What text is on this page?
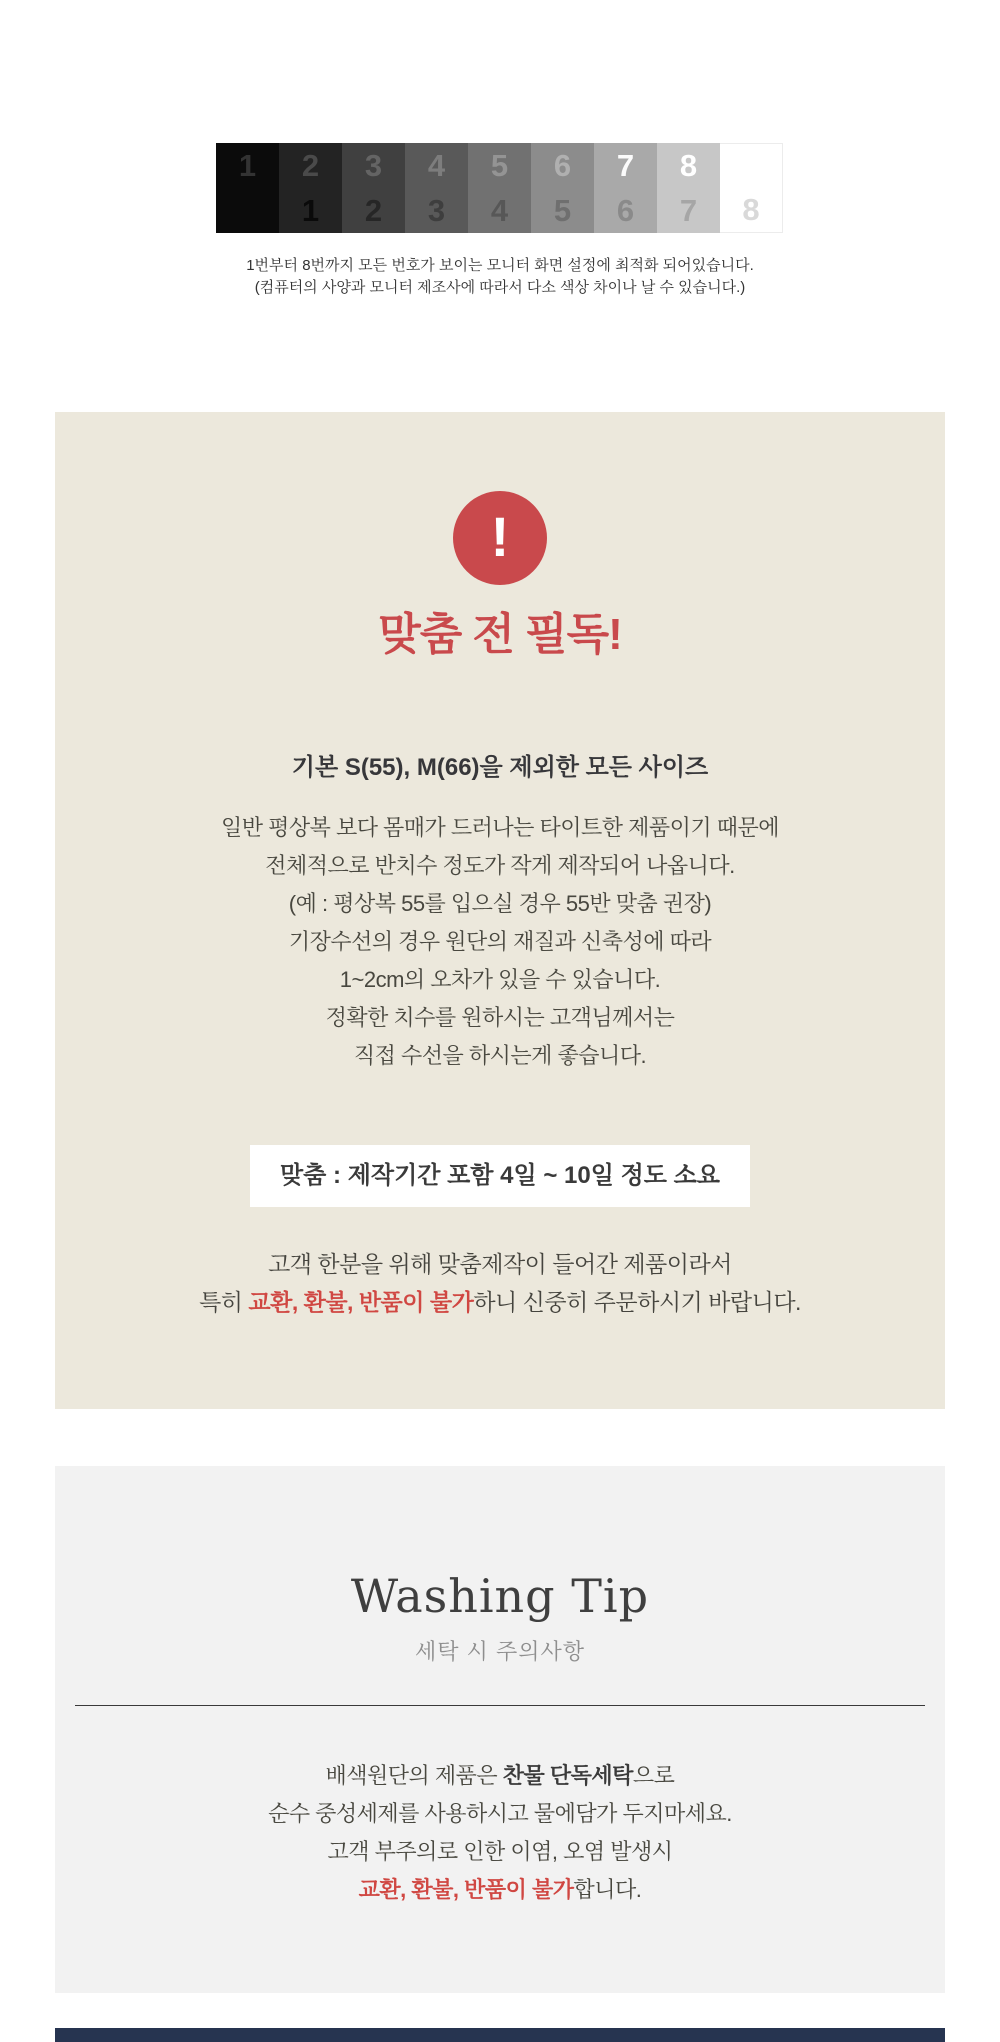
1	2
1
3
2
4
3
5
4
6
5
7
6
8
7	8
1번부터 8번까지 모든 번호가 보이는 모니터 화면 설정에 최적화 되어있습니다.
(컴퓨터의 사양과 모니터 제조사에 따라서 다소 색상 차이나 날 수 있습니다.)
!
맞춤 전 필독!
기본 S(55), M(66)을 제외한 모든 사이즈
일반 평상복 보다 몸매가 드러나는 타이트한 제품이기 때문에
전체적으로 반치수 정도가 작게 제작되어 나옵니다.
(예 : 평상복 55를 입으실 경우 55반 맞춤 권장)
기장수선의 경우 원단의 재질과 신축성에 따라
1~2cm의 오차가 있을 수 있습니다.
정확한 치수를 원하시는 고객님께서는
직접 수선을 하시는게 좋습니다.
맞춤 : 제작기간 포함 4일 ~ 10일 정도 소요
고객 한분을 위해 맞춤제작이 들어간 제품이라서
특히 교환, 환불, 반품이 불가하니 신중히 주문하시기 바랍니다.
Washing Tip
세탁 시 주의사항
배색원단의 제품은 찬물 단독세탁으로
순수 중성세제를 사용하시고 물에담가 두지마세요.
고객 부주의로 인한 이염, 오염 발생시
교환, 환불, 반품이 불가합니다.
